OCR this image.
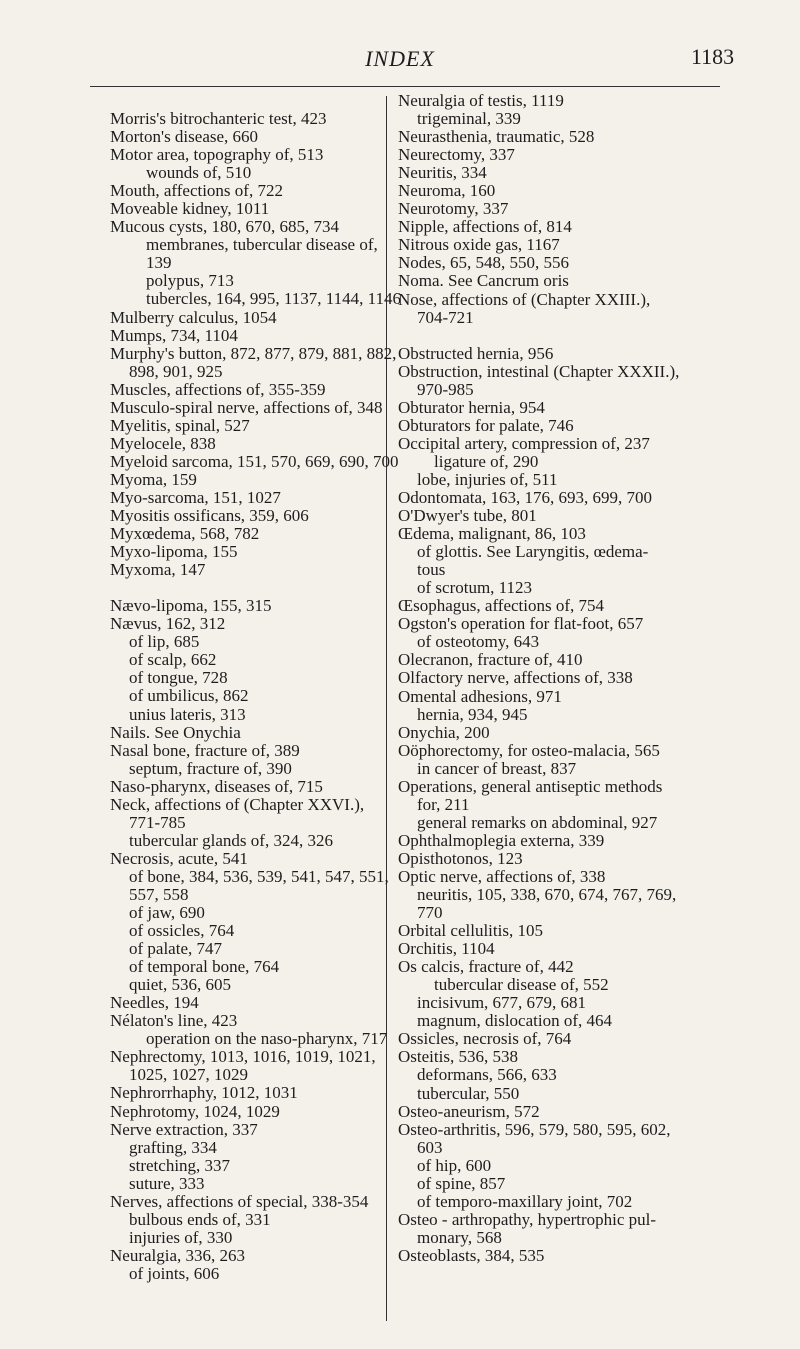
INDEX	1183
Morris's bitrochanteric test, 423
Morton's disease, 660
Motor area, topography of, 513
wounds of, 510
Mouth, affections of, 722
Moveable kidney, 1011
Mucous cysts, 180, 670, 685, 734
membranes, tubercular disease of,
139
polypus, 713
tubercles, 164, 995, 1137, 1144, 1146
Mulberry calculus, 1054
Mumps, 734, 1104
Murphy's button, 872, 877, 879, 881, 882,
898, 901, 925
Muscles, affections of, 355-359
Musculo-spiral nerve, affections of, 348
Myelitis, spinal, 527
Myelocele, 838
Myeloid sarcoma, 151, 570, 669, 690, 700
Myoma, 159
Myo-sarcoma, 151, 1027
Myositis ossificans, 359, 606
Myxœdema, 568, 782
Myxo-lipoma, 155
Myxoma, 147
Nævo-lipoma, 155, 315
Nævus, 162, 312
of lip, 685
of scalp, 662
of tongue, 728
of umbilicus, 862
unius lateris, 313
Nails. See Onychia
Nasal bone, fracture of, 389
septum, fracture of, 390
Naso-pharynx, diseases of, 715
Neck, affections of (Chapter XXVI.),
771-785
tubercular glands of, 324, 326
Necrosis, acute, 541
of bone, 384, 536, 539, 541, 547, 551,
557, 558
of jaw, 690
of ossicles, 764
of palate, 747
of temporal bone, 764
quiet, 536, 605
Needles, 194
Nélaton's line, 423
operation on the naso-pharynx, 717
Nephrectomy, 1013, 1016, 1019, 1021,
1025, 1027, 1029
Nephrorrhaphy, 1012, 1031
Nephrotomy, 1024, 1029
Nerve extraction, 337
grafting, 334
stretching, 337
suture, 333
Nerves, affections of special, 338-354
bulbous ends of, 331
injuries of, 330
Neuralgia, 336, 263
of joints, 606
Neuralgia of testis, 1119
trigeminal, 339
Neurasthenia, traumatic, 528
Neurectomy, 337
Neuritis, 334
Neuroma, 160
Neurotomy, 337
Nipple, affections of, 814
Nitrous oxide gas, 1167
Nodes, 65, 548, 550, 556
Noma. See Cancrum oris
Nose, affections of (Chapter XXIII.),
704-721
Obstructed hernia, 956
Obstruction, intestinal (Chapter XXXII.),
970-985
Obturator hernia, 954
Obturators for palate, 746
Occipital artery, compression of, 237
ligature of, 290
lobe, injuries of, 511
Odontomata, 163, 176, 693, 699, 700
O'Dwyer's tube, 801
Œdema, malignant, 86, 103
of glottis. See Laryngitis, œdema-
tous
of scrotum, 1123
Œsophagus, affections of, 754
Ogston's operation for flat-foot, 657
of osteotomy, 643
Olecranon, fracture of, 410
Olfactory nerve, affections of, 338
Omental adhesions, 971
hernia, 934, 945
Onychia, 200
Oöphorectomy, for osteo-malacia, 565
in cancer of breast, 837
Operations, general antiseptic methods
for, 211
general remarks on abdominal, 927
Ophthalmoplegia externa, 339
Opisthotonos, 123
Optic nerve, affections of, 338
neuritis, 105, 338, 670, 674, 767, 769,
770
Orbital cellulitis, 105
Orchitis, 1104
Os calcis, fracture of, 442
tubercular disease of, 552
incisivum, 677, 679, 681
magnum, dislocation of, 464
Ossicles, necrosis of, 764
Osteitis, 536, 538
deformans, 566, 633
tubercular, 550
Osteo-aneurism, 572
Osteo-arthritis, 596, 579, 580, 595, 602,
603
of hip, 600
of spine, 857
of temporo-maxillary joint, 702
Osteo - arthropathy, hypertrophic pul-
monary, 568
Osteoblasts, 384, 535
